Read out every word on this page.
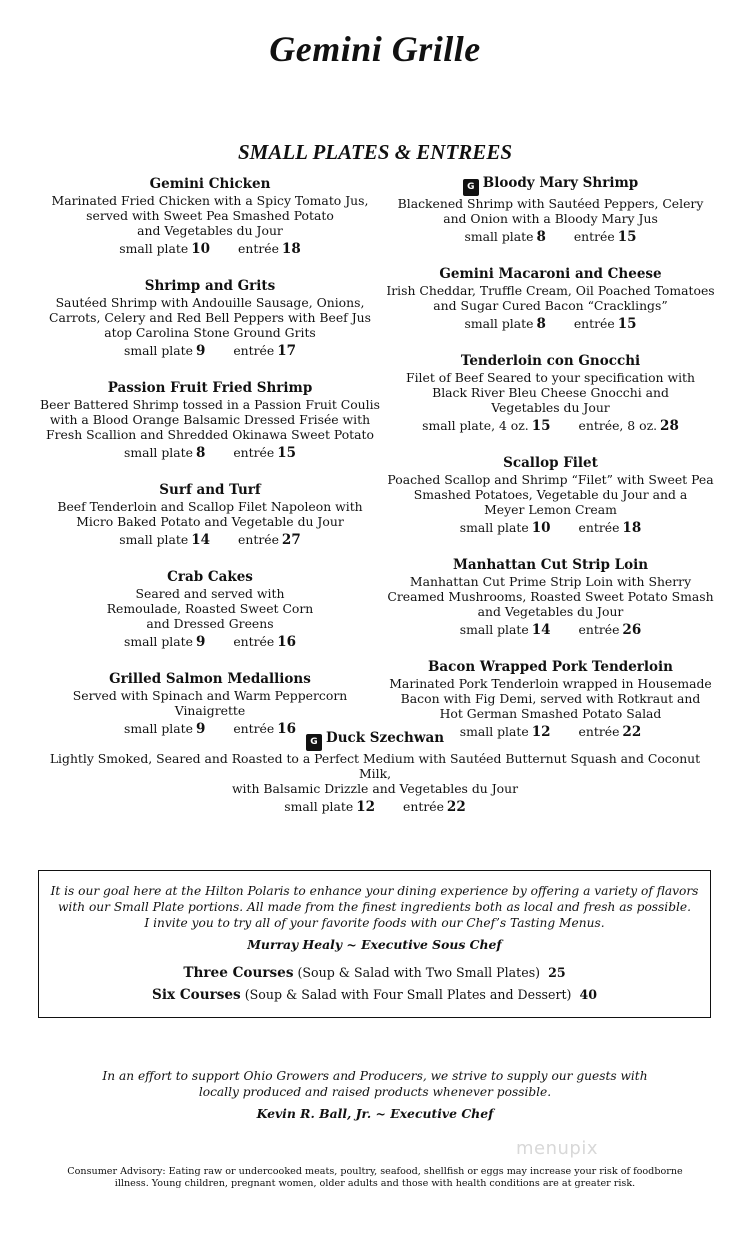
Gemini Grille
SMALL PLATES & ENTREES
Gemini Chicken
Marinated Fried Chicken with a Spicy Tomato Jus,
served with Sweet Pea Smashed Potato
and Vegetables du Jour
small plate 10 entrée 18
Shrimp and Grits
Sautéed Shrimp with Andouille Sausage, Onions,
Carrots, Celery and Red Bell Peppers with Beef Jus
atop Carolina Stone Ground Grits
small plate 9 entrée 17
Passion Fruit Fried Shrimp
Beer Battered Shrimp tossed in a Passion Fruit Coulis
with a Blood Orange Balsamic Dressed Frisée with
Fresh Scallion and Shredded Okinawa Sweet Potato
small plate 8 entrée 15
Surf and Turf
Beef Tenderloin and Scallop Filet Napoleon with
Micro Baked Potato and Vegetable du Jour
small plate 14 entrée 27
Crab Cakes
Seared and served with
Remoulade, Roasted Sweet Corn
and Dressed Greens
small plate 9 entrée 16
Grilled Salmon Medallions
Served with Spinach and Warm Peppercorn Vinaigrette
small plate 9 entrée 16
G Bloody Mary Shrimp
Blackened Shrimp with Sautéed Peppers, Celery
and Onion with a Bloody Mary Jus
small plate 8 entrée 15
Gemini Macaroni and Cheese
Irish Cheddar, Truffle Cream, Oil Poached Tomatoes
and Sugar Cured Bacon “Cracklings”
small plate 8 entrée 15
Tenderloin con Gnocchi
Filet of Beef Seared to your specification with
Black River Bleu Cheese Gnocchi and
Vegetables du Jour
small plate, 4 oz. 15 entrée, 8 oz. 28
Scallop Filet
Poached Scallop and Shrimp “Filet” with Sweet Pea
Smashed Potatoes, Vegetable du Jour and a
Meyer Lemon Cream
small plate 10 entrée 18
Manhattan Cut Strip Loin
Manhattan Cut Prime Strip Loin with Sherry
Creamed Mushrooms, Roasted Sweet Potato Smash
and Vegetables du Jour
small plate 14 entrée 26
Bacon Wrapped Pork Tenderloin
Marinated Pork Tenderloin wrapped in Housemade
Bacon with Fig Demi, served with Rotkraut and
Hot German Smashed Potato Salad
small plate 12 entrée 22
G Duck Szechwan
Lightly Smoked, Seared and Roasted to a Perfect Medium with Sautéed Butternut Squash and Coconut Milk,
with Balsamic Drizzle and Vegetables du Jour
small plate 12 entrée 22
It is our goal here at the Hilton Polaris to enhance your dining experience by offering a variety of flavors
with our Small Plate portions. All made from the finest ingredients both as local and fresh as possible.
I invite you to try all of your favorite foods with our Chef’s Tasting Menus.
Murray Healy ~ Executive Sous Chef
Three Courses (Soup & Salad with Two Small Plates) 25
Six Courses (Soup & Salad with Four Small Plates and Dessert) 40
In an effort to support Ohio Growers and Producers, we strive to supply our guests with
locally produced and raised products whenever possible.
Kevin R. Ball, Jr. ~ Executive Chef
menupix
Consumer Advisory: Eating raw or undercooked meats, poultry, seafood, shellfish or eggs may increase your risk of foodborne
illness. Young children, pregnant women, older adults and those with health conditions are at greater risk.
